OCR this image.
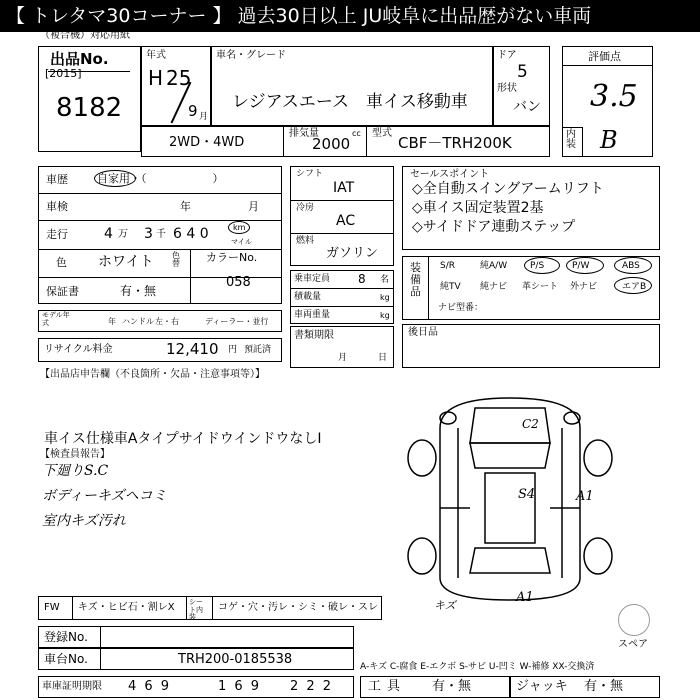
【 トレタマ30コーナー 】 過去30日以上 JU岐阜に出品歴がない車両
（複合機）対応用紙
出品No.
[2015]
8182
年式
H 25
9 月
車名・グレード
レジアスエース　車イス移動車
ドア
5
形状
バン
評価点
3.5
内装 B
2WD・4WD
排気量
2000
cc 型式
CBF－TRH200K
車歴	自家用・（　　　　　　）
車検	年	月
走行	4 万 3 千 6 4 0	km
マイル
色 ホワイト 色替 カラーNo.
058
保証書	有・無
モデル年式	年 ハンドル 左・右	ディーラー・並行
リサイクル料金	12,410 円 預託済
シフト
IAT
冷房
AC
燃料
ガソリン
乗車定員 8 名
積載量	kg
車両重量	kg
書類期限
月	日
セールスポイント
◇全自動スイングアームリフト
◇車イス固定装置2基
◇サイドドア連動ステップ
装備品
S/R	純A/W	P/S	P/W	ABS
純TV 純ナビ 革シート 外ナビ	エアB
ナビ型番：
後日品
【出品店申告欄（不良箇所・欠品・注意事項等）】
車イス仕様車AタイプサイドウインドウなしⅠ
【検査員報告】
下廻りS.C
ボディーキズヘコミ
室内キズ汚れ
C2
S4	A1
A1
キズ
スペア
FW キズ・ヒビ石・割レX シート内装
コゲ・穴・汚レ・シミ・破レ・スレ
登録No.
車台No.	TRH200-0185538	A-キズ C-腐食 E-エクボ S-サビ U-凹ミ W-補修 XX-交換済
車庫証明期限 4 6 9	1 6 9 2 2 2	工具 有・無	ジャッキ 有・無
